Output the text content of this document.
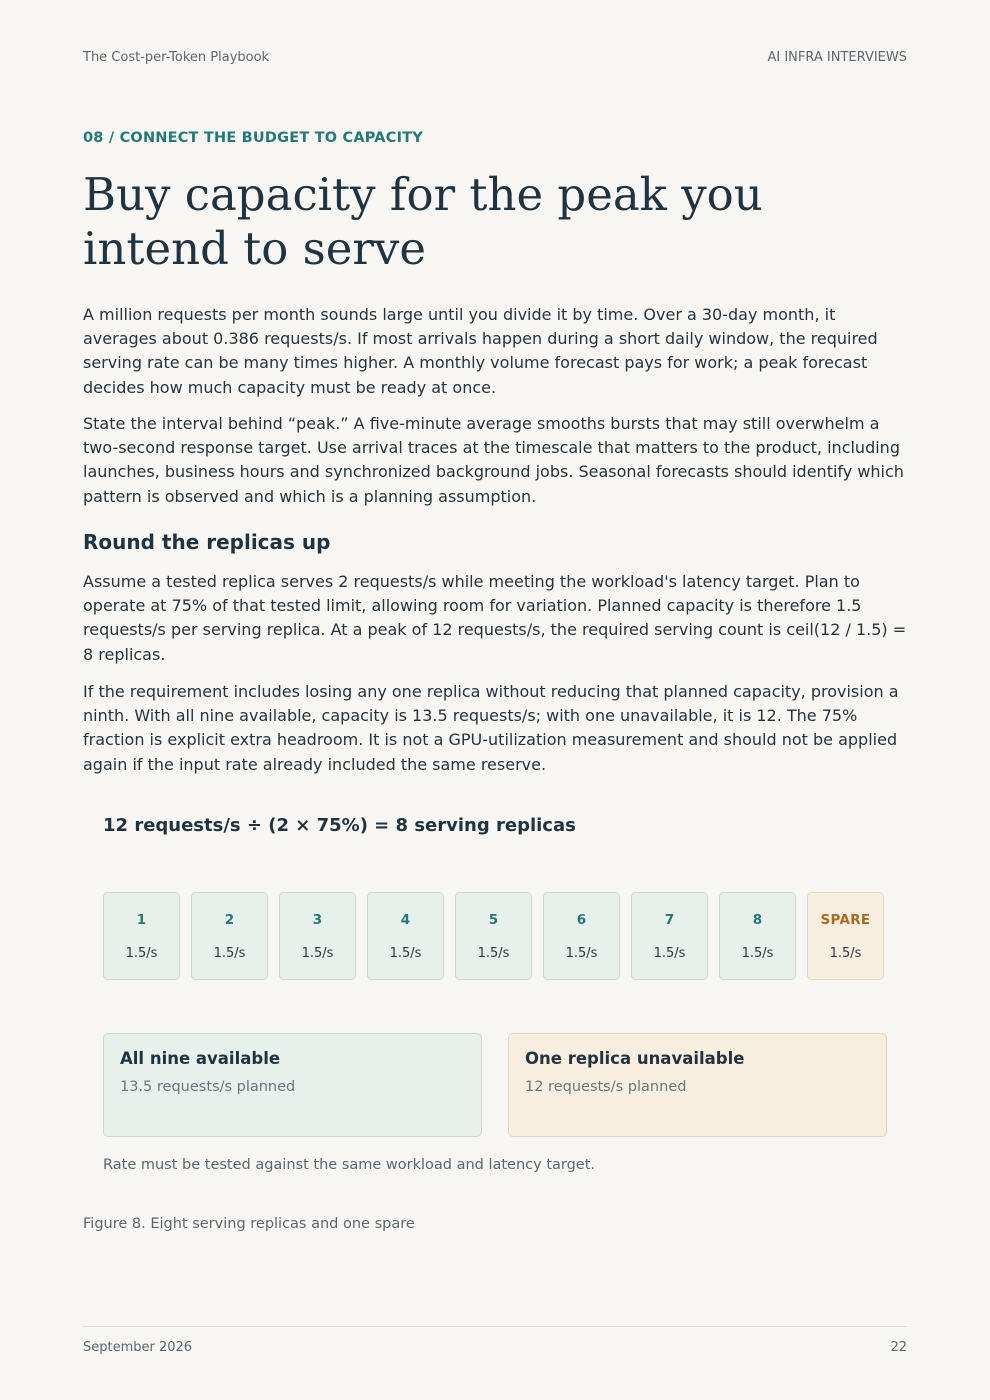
The Cost-per-Token Playbook	AI INFRA INTERVIEWS
08 / CONNECT THE BUDGET TO CAPACITY
Buy capacity for the peak you intend to serve

A million requests per month sounds large until you divide it by time. Over a 30-day month, it averages about 0.386 requests/s. If most arrivals happen during a short daily window, the required serving rate can be many times higher. A monthly volume forecast pays for work; a peak forecast decides how much capacity must be ready at once.

State the interval behind “peak.” A five-minute average smooths bursts that may still overwhelm a two-second response target. Use arrival traces at the timescale that matters to the product, including launches, business hours and synchronized background jobs. Seasonal forecasts should identify which pattern is observed and which is a planning assumption.

Round the replicas up

Assume a tested replica serves 2 requests/s while meeting the workload's latency target. Plan to operate at 75% of that tested limit, allowing room for variation. Planned capacity is therefore 1.5 requests/s per serving replica. At a peak of 12 requests/s, the required serving count is ceil(12 / 1.5) = 8 replicas.

If the requirement includes losing any one replica without reducing that planned capacity, provision a ninth. With all nine available, capacity is 13.5 requests/s; with one unavailable, it is 12. The 75% fraction is explicit extra headroom. It is not a GPU-utilization measurement and should not be applied again if the input rate already included the same reserve.

12 requests/s ÷ (2 × 75%) = 8 serving replicas
1
1.5/s
2
1.5/s
3
1.5/s
4
1.5/s
5
1.5/s
6
1.5/s
7
1.5/s
8
1.5/s
SPARE
1.5/s
All nine available
13.5 requests/s planned
One replica unavailable
12 requests/s planned
Rate must be tested against the same workload and latency target.
Figure 8. Eight serving replicas and one spare
September 2026	22
